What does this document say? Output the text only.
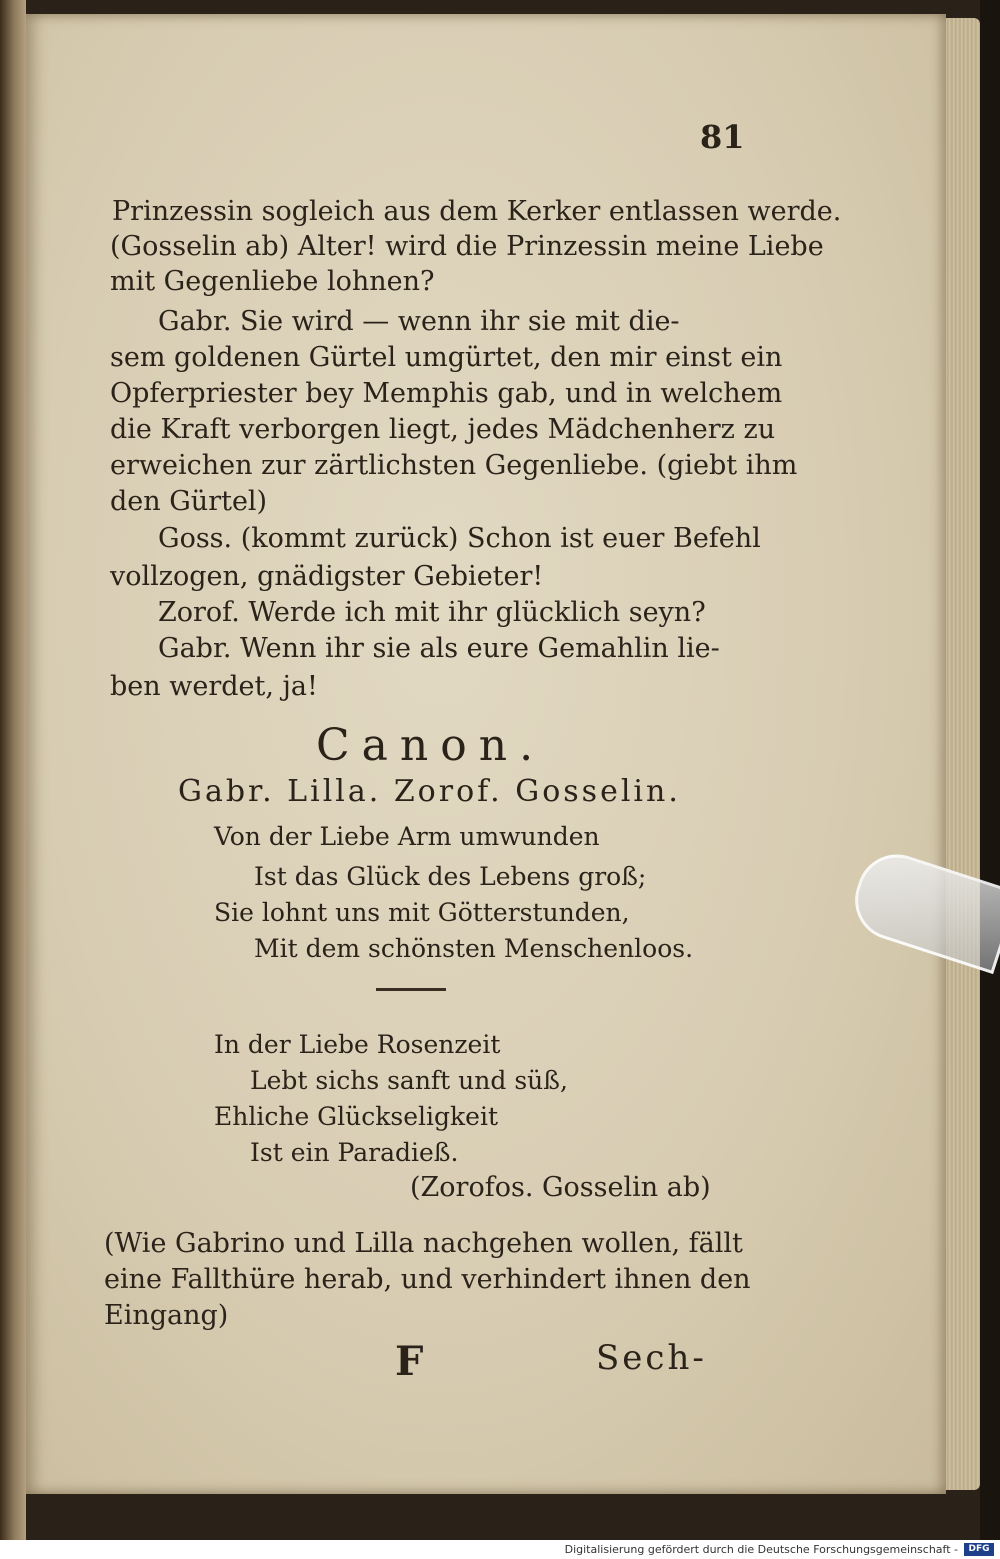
81
Prinzessin sogleich aus dem Kerker entlassen werde.
(Gosselin ab) Alter! wird die Prinzessin meine Liebe
mit Gegenliebe lohnen?
Gabr. Sie wird — wenn ihr sie mit die-
sem goldenen Gürtel umgürtet, den mir einst ein
Opferpriester bey Memphis gab, und in welchem
die Kraft verborgen liegt, jedes Mädchenherz zu
erweichen zur zärtlichsten Gegenliebe. (giebt ihm
den Gürtel)
Goss. (kommt zurück) Schon ist euer Befehl
vollzogen, gnädigster Gebieter!
Zorof. Werde ich mit ihr glücklich seyn?
Gabr. Wenn ihr sie als eure Gemahlin lie-
ben werdet, ja!
Canon.
Gabr. Lilla. Zorof. Gosselin.
Von der Liebe Arm umwunden
Ist das Glück des Lebens groß;
Sie lohnt uns mit Götterstunden,
Mit dem schönsten Menschenloos.
In der Liebe Rosenzeit
Lebt sichs sanft und süß,
Ehliche Glückseligkeit
Ist ein Paradieß.
(Zorofos. Gosselin ab)
(Wie Gabrino und Lilla nachgehen wollen, fällt
eine Fallthüre herab, und verhindert ihnen den
Eingang)
F	Sech-
Digitalisierung gefördert durch die Deutsche Forschungsgemeinschaft -	DFG
